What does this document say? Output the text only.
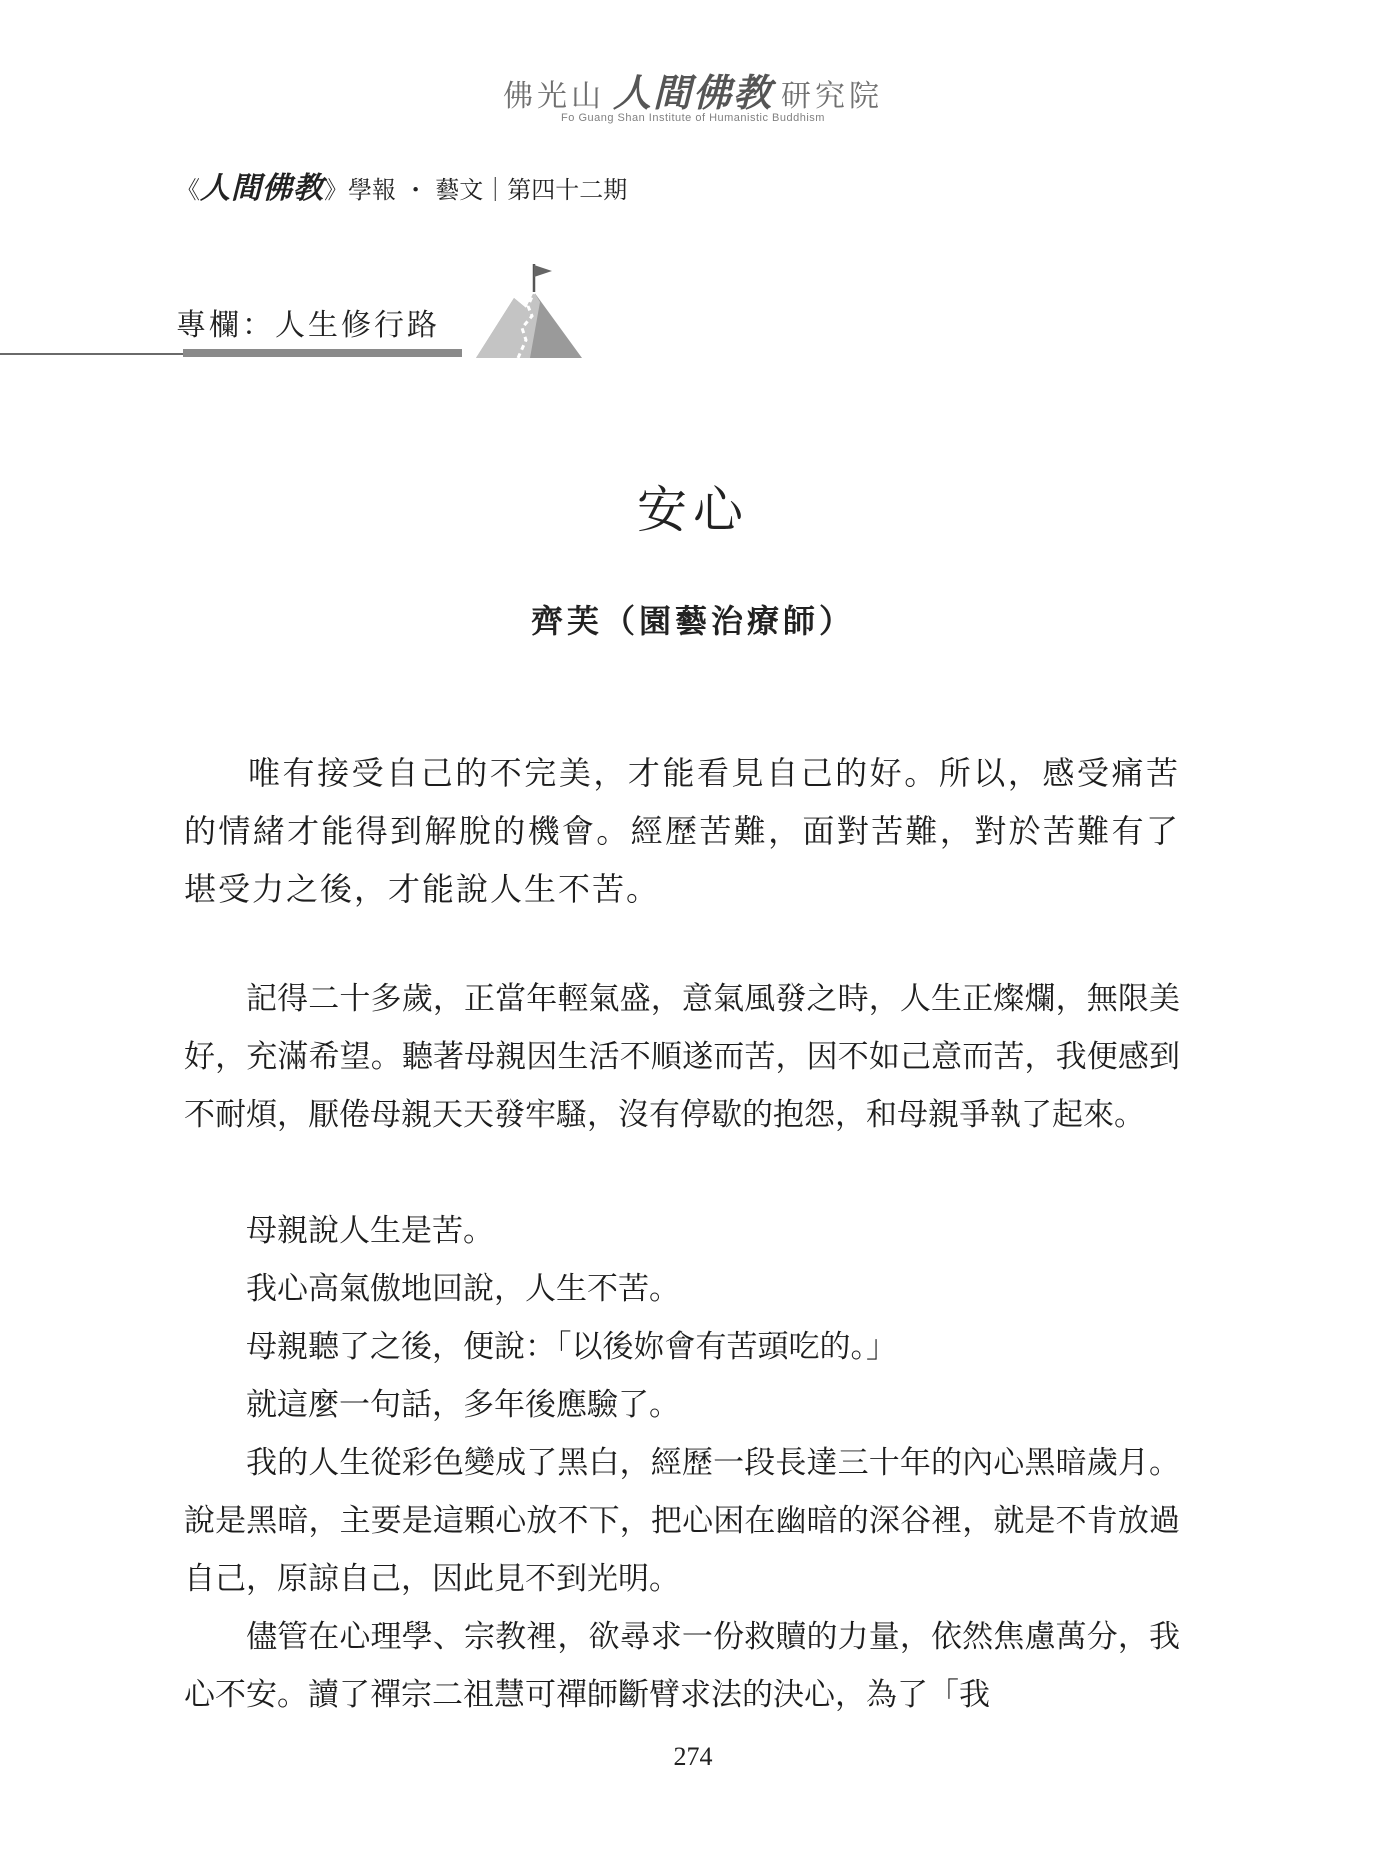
佛光山 人間佛教 研究院
Fo Guang Shan Institute of Humanistic Buddhism
《人間佛教》學報 ・ 藝文｜第四十二期
專欄：人生修行路
安心
齊芙（園藝治療師）

唯有接受自己的不完美，才能看見自己的好。所以，感受痛苦的情緒才能得到解脫的機會。經歷苦難，面對苦難，對於苦難有了堪受力之後，才能說人生不苦。

記得二十多歲，正當年輕氣盛，意氣風發之時，人生正燦爛，無限美好，充滿希望。聽著母親因生活不順遂而苦，因不如己意而苦，我便感到不耐煩，厭倦母親天天發牢騷，沒有停歇的抱怨，和母親爭執了起來。

母親說人生是苦。

我心高氣傲地回說，人生不苦。

母親聽了之後，便說：「以後妳會有苦頭吃的。」

就這麼一句話，多年後應驗了。

我的人生從彩色變成了黑白，經歷一段長達三十年的內心黑暗歲月。說是黑暗，主要是這顆心放不下，把心困在幽暗的深谷裡，就是不肯放過自己，原諒自己，因此見不到光明。

儘管在心理學、宗教裡，欲尋求一份救贖的力量，依然焦慮萬分，我心不安。讀了禪宗二祖慧可禪師斷臂求法的決心，為了「我

274
